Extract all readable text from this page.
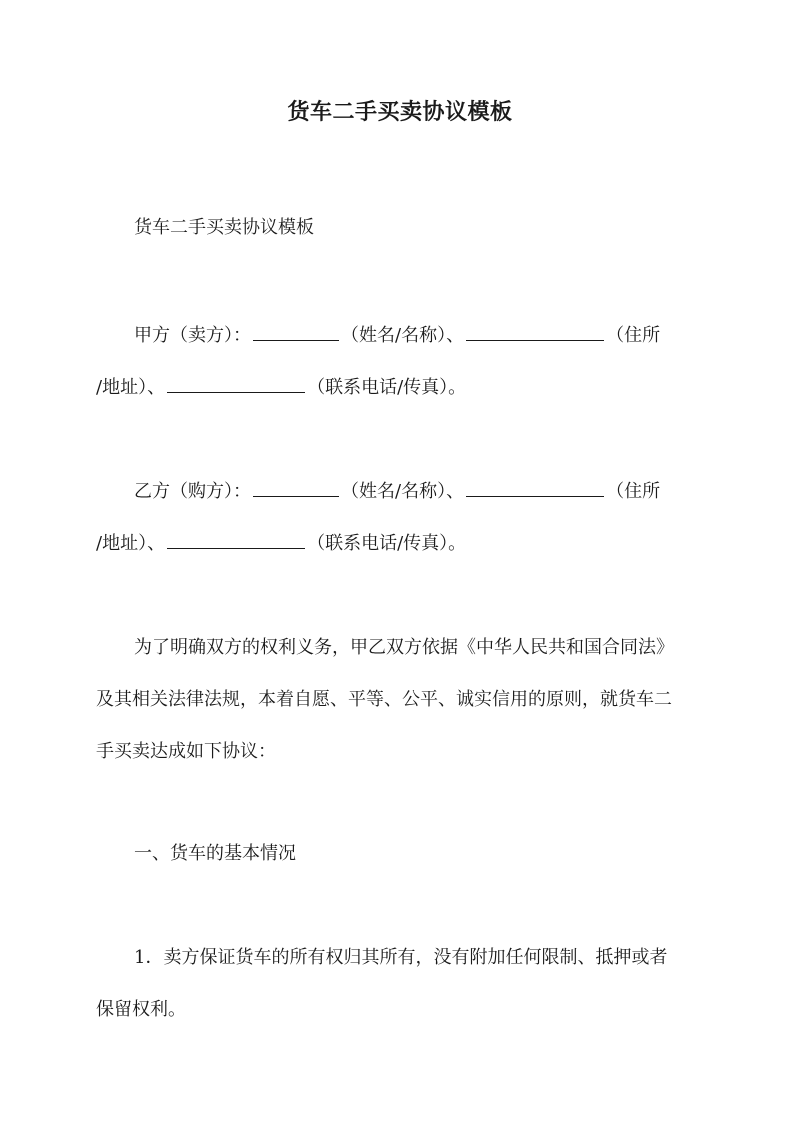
货车二手买卖协议模板
货车二手买卖协议模板
甲方（卖方）：	（姓名/名称）、	（住所
/地址）、	（联系电话/传真）。
乙方（购方）：	（姓名/名称）、	（住所
/地址）、	（联系电话/传真）。
为了明确双方的权利义务，甲乙双方依据《中华人民共和国合同法》
及其相关法律法规，本着自愿、平等、公平、诚实信用的原则，就货车二
手买卖达成如下协议：
一、货车的基本情况
1．卖方保证货车的所有权归其所有，没有附加任何限制、抵押或者
保留权利。
